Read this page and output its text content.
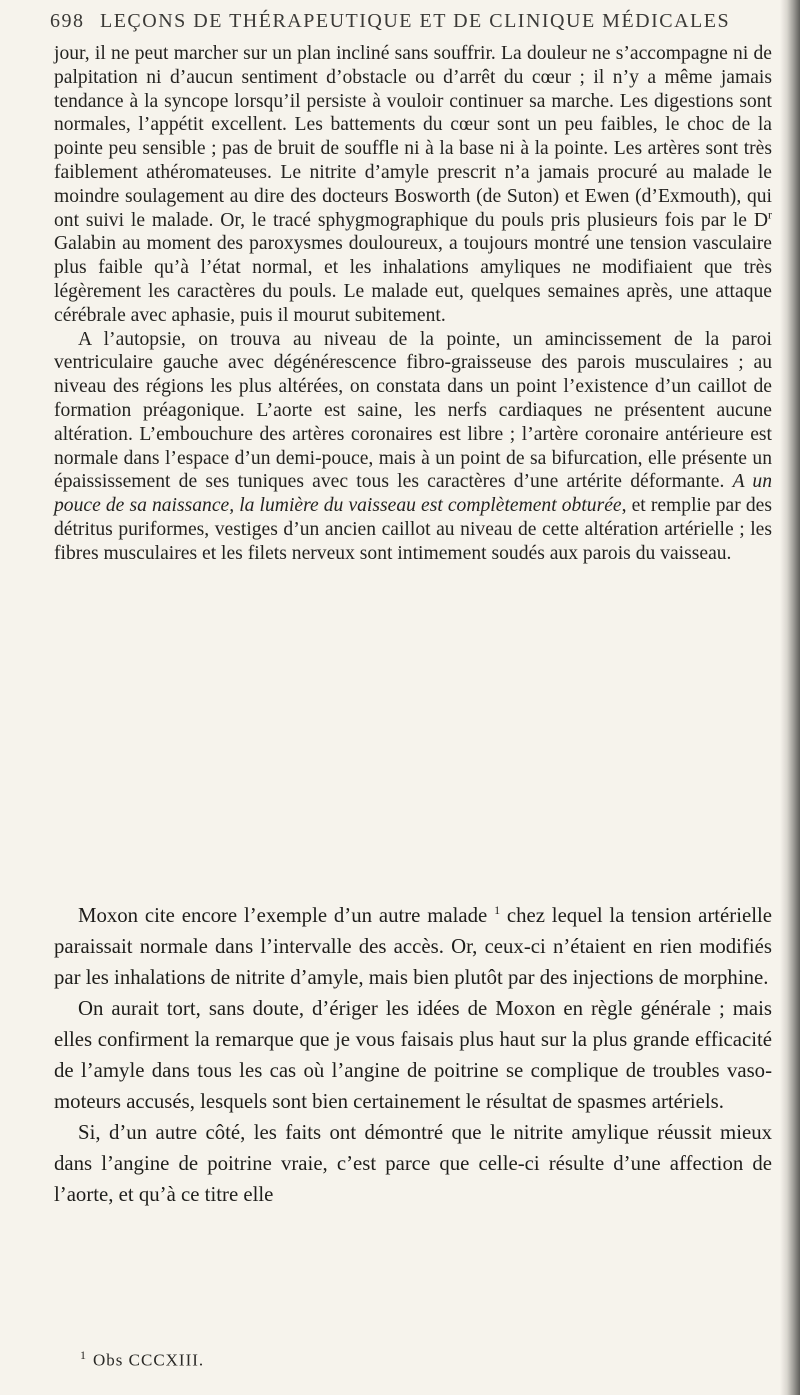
698 LEÇONS DE THÉRAPEUTIQUE ET DE CLINIQUE MÉDICALES

jour, il ne peut marcher sur un plan incliné sans souffrir. La douleur ne s’accompagne ni de palpitation ni d’aucun sentiment d’obstacle ou d’arrêt du cœur ; il n’y a même jamais tendance à la syncope lorsqu’il persiste à vouloir continuer sa marche. Les digestions sont normales, l’appétit excellent. Les battements du cœur sont un peu faibles, le choc de la pointe peu sensible ; pas de bruit de souffle ni à la base ni à la pointe. Les artères sont très faiblement athéromateuses. Le nitrite d’amyle prescrit n’a jamais procuré au malade le moindre soulagement au dire des docteurs Bosworth (de Suton) et Ewen (d’Exmouth), qui ont suivi le malade. Or, le tracé sphygmographique du pouls pris plusieurs fois par le D$^r$ Galabin au moment des paroxysmes douloureux, a toujours montré une tension vasculaire plus faible qu’à l’état normal, et les inhalations amyliques ne modifiaient que très légèrement les caractères du pouls. Le malade eut, quelques semaines après, une attaque cérébrale avec aphasie, puis il mourut subitement.

A l’autopsie, on trouva au niveau de la pointe, un amincissement de la paroi ventriculaire gauche avec dégénérescence fibro-graisseuse des parois musculaires ; au niveau des régions les plus altérées, on constata dans un point l’existence d’un caillot de formation préagonique. L’aorte est saine, les nerfs cardiaques ne présentent aucune altération. L’embouchure des artères coronaires est libre ; l’artère coronaire antérieure est normale dans l’espace d’un demi-pouce, mais à un point de sa bifurcation, elle présente un épaississement de ses tuniques avec tous les caractères d’une artérite déformante. A un pouce de sa naissance, la lumière du vaisseau est complètement obturée, et remplie par des détritus puriformes, vestiges d’un ancien caillot au niveau de cette altération artérielle ; les fibres musculaires et les filets nerveux sont intimement soudés aux parois du vaisseau.

Moxon cite encore l’exemple d’un autre malade $^1$ chez lequel la tension artérielle paraissait normale dans l’intervalle des accès. Or, ceux-ci n’étaient en rien modifiés par les inhalations de nitrite d’amyle, mais bien plutôt par des injections de morphine.

On aurait tort, sans doute, d’ériger les idées de Moxon en règle générale ; mais elles confirment la remarque que je vous faisais plus haut sur la plus grande efficacité de l’amyle dans tous les cas où l’angine de poitrine se complique de troubles vaso-moteurs accusés, lesquels sont bien certainement le résultat de spasmes artériels.

Si, d’un autre côté, les faits ont démontré que le nitrite amylique réussit mieux dans l’angine de poitrine vraie, c’est parce que celle-ci résulte d’une affection de l’aorte, et qu’à ce titre elle

$^1$ Obs CCCXIII.
